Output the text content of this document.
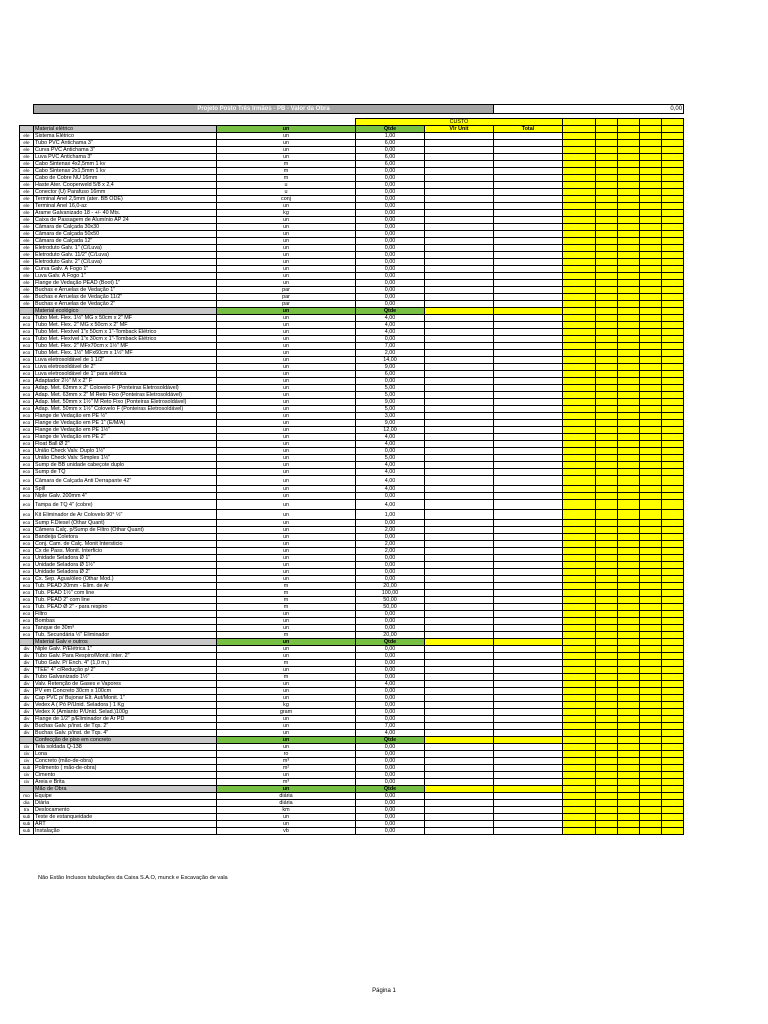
	Projeto Posto Três Irmãos - PB - Valor da Obra				0,00					

			CUSTO							
	Material elétrico	un	Qtde	Vlr Unit	Total					
ele	Sistema Elétrico	un	1,00							
ele	Tubo PVC Antichama 3"	un	6,00							
ele	Curva PVC Antichama 3"	un	0,00							
ele	Luva PVC Antichama 3"	un	6,00							
ele	Cabo Sintenax 4x2,5mm 1 kv	m	6,00							
ele	Cabo Sintenax 2x1,5mm 1 kv	m	0,00							
ele	Cabo de Cobre NÚ 16mm	m	0,00							
ele	Haste Ater. Cooperweld 5/8 x 2,4	u	0,00							
ele	Conector (U) Parafuso 16mm	u	0,00							
ele	Terminal Anel 2,5mm (ater. BB ODE)	conj	0,00							
ele	Terminal Anel 16,0-az	un	0,00							
ele	Arame Galvanizado 18 - +/- 40 Mts.	kg	0,00							
ele	Caixa de Passagem de Alumínio AP 24	un	0,00							
ele	Câmara de Calçada 30x30	un	0,00							
ele	Câmara de Calçada 50x50	un	0,00							
ele	Câmara de Calçada 12"	un	0,00							
ele	Eletroduto Galv. 1" (C/Luva)	un	0,00							
ele	Eletroduto Galv. 11/2" (C/Luva)	un	0,00							
ele	Eletroduto Galv. 2" (C/Luva)	un	0,00							
ele	Curva Galv. À Fogo 1"	un	0,00							
ele	Luva Galv. À Fogo 1"	un	0,00							
ele	Flange de Vedação PEAD (Boot) 1"	un	0,00							
ele	Buchas e Arruelas de Vedação 1"	par	0,00							
ele	Buchas e Arruelas de Vedação 11/2"	par	0,00							
ele	Buchas e Arruelas de Vedação 2"	par	0,00							
	Material ecológico	un	Qtde							
eco	Tubo Met. Flex. 1½" MG x 50cm x 2" MF	un	4,00							
eco	Tubo Met. Flex. 2" MG x 50cm x 2" MF	un	4,00							
eco	Tubo Met. Flexível 1"x 50cm x 1"-Tomback Elétrico	un	4,00							
eco	Tubo Met. Flexível 1"x 30cm x 1"-Tomback Elétrico	un	0,00							
eco	Tubo Met. Flex. 2" MFx70cm x 1½" MF	un	7,00							
eco	Tubo Met. Flex. 1½" MFx60cm x 1½" MF	un	2,00							
eco	Luva eletrosoldável de 1 1/2"	un	14,00							
eco	Luva eletrosoldável de 2"	un	9,00							
eco	Luva eletrosoldável de 1" para elétrica	un	6,00							
eco	Adaptador 2½" M x 2" F	un	0,00							
eco	Adap. Met. 63mm x 2" Colovelo F (Ponteiras Eletrosoldável)	un	5,00							
eco	Adap. Met. 63mm x 2" M Reto Fixo (Ponteiras Eletrosoldável)	un	5,00							
eco	Adap. Met. 50mm x 1½" M Reto Fixo (Ponteiras Eletrosoldável)	un	9,00							
eco	Adap. Met. 50mm x 1½" Colovelo F (Ponteiras Eletrosoldável)	un	5,00							
eco	Flange de Vedação em PE ½"	un	3,00							
eco	Flange de Vedação em PE 1" (E/M/A)	un	9,00							
eco	Flange de Vedação em PE 1½"	un	12,00							
eco	Flange de Vedação em PE 2"	un	4,00							
eco	Float Ball Ø 2"	un	4,00							
eco	União Check Valv. Duplo 1½"	un	0,00							
eco	União Check Valv. Simples 1½"	un	5,00							
eco	Sump de BB unidade cabeçote duplo	un	4,00							
eco	Sump de TQ	un	4,00							
eco	Câmara de Calçada Anti Derrapante 42"	un	4,00							
eco	Spill	un	4,00							
eco	Niple Galv. 200mm 4"	un	0,00							
eco	Tampa de TQ 4" (cobre)	un	4,00							
eco	Kit Eliminador de Ar Colovelo 90° ½"	un	1,00							
eco	Sump F.Diesel (Othar Quant)	un	0,00							
eco	Câmera Calç. p/Sump de Filtro (Othar Quant)	un	2,00							
eco	Bandeija Coletora	un	0,00							
eco	Conj. Cam. de Calç. Monit Intersticio	un	2,00							
eco	Cx de Pass. Monit. Interficio	un	2,00							
eco	Unidade Seladora Ø 1"	un	0,00							
eco	Unidade Seladora Ø 1½"	un	0,00							
eco	Unidade Seladora Ø 2"	un	0,00							
eco	Cx. Sep. Água/óleo (Othar Mod.)	un	0,00							
eco	Tub. PEAD 20mm - Elim. de Ar	m	20,00							
eco	Tub. PEAD 1½" com line	m	100,00							
eco	Tub. PEAD 2" com line	m	50,00							
eco	Tub. PEAD Ø 2" - para respiro	m	50,00							
eco	Filtro	un	0,00							
eco	Bombas	un	0,00							
eco	Tanque de 30m³	un	0,00							
eco	Tub. Secundária ½" Eliminador	m	20,00							
	Material Galv e outros	un	Qtde							
div	Niple Galv. P/Elétrica 1"	un	0,00							
div	Tubo Galv. Para Respiro/Monit. inter. 2"	un	0,00							
div	Tubo Galv. P/ Ench. 4" (1,0 m.)	m	0,00							
div	"TEE" 4" c/Redução p/ 2"	un	0,00							
div	Tubo Galvanizado 1½"	m	0,00							
div	Valv. Retenção de Gases e Vapores	un	4,00							
div	PV em Concreto 30cm x 100cm	un	0,00							
div	Cap PVC p/ Bujonar Elt. Aut/Monit. 1"	un	0,00							
div	Vedex A ( Pó P/Unid. Seladora ) 1 Kg	kg	0,00							
div	Vedex X (Amianto P/Unid. Selad.)100g	gram	0,00							
div	Flange de 1/2" p/Eliminador de Ar PD	un	0,00							
div	Buchas Galv. p/inst. de Tqs. 2"	un	7,00							
div	Buchas Galv. p/inst. de Tqs. 4"	un	4,00							
	Confecção de piso em concreto	un	Qtde							
civ	Tela soldada Q-138	un	0,00							
civ	Lona	ro	0,00							
civ	Concreto (mão-de-obra)	m³	0,00							
sub	Polimento ( mão-de-obra)	m²	0,00							
civ	Cimento	un	0,00							
civ	Areia e Brita	m³	0,00							
	Mão de Obra	un	Qtde							
mo	Equipe	diária	0,00							
dia	Diária	diária	0,00							
tra	Deslocamento	km	0,00							
sub	Teste de estanqueidade	un	0,00							
sub	ART	un	0,00							
sub	Instalação	vb	0,00							
Não Estão Inclusos tubulações da Caixa S.A.O, munck e Escavação de vala
Página 1
